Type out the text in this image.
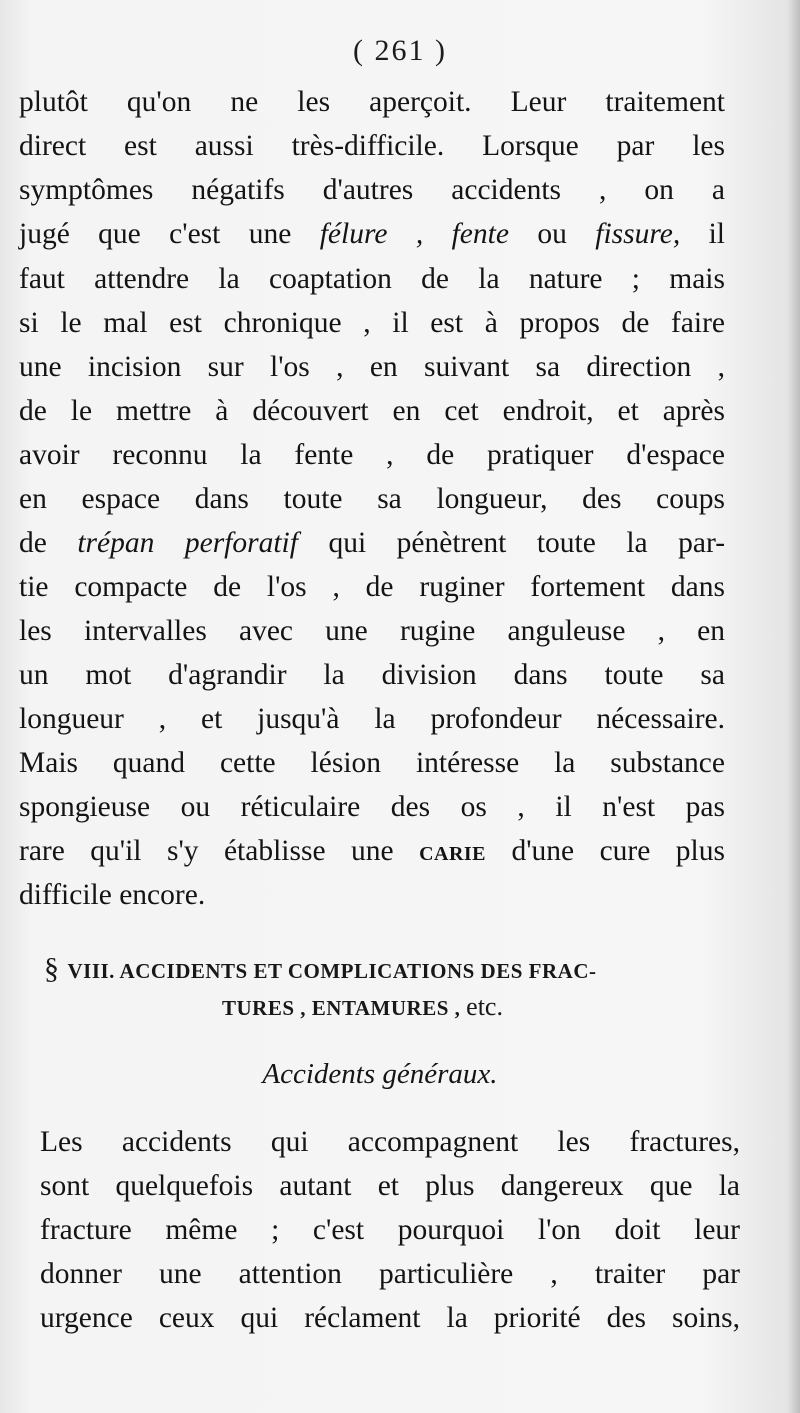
( 261 )
plutôt qu'on ne les aperçoit. Leur traitement
direct est aussi très-difficile. Lorsque par les
symptômes négatifs d'autres accidents , on a
jugé que c'est une félure , fente ou fissure, il
faut attendre la coaptation de la nature ; mais
si le mal est chronique , il est à propos de faire
une incision sur l'os , en suivant sa direction ,
de le mettre à découvert en cet endroit, et après
avoir reconnu la fente , de pratiquer d'espace
en espace dans toute sa longueur, des coups
de trépan perforatif qui pénètrent toute la par-
tie compacte de l'os , de ruginer fortement dans
les intervalles avec une rugine anguleuse , en
un mot d'agrandir la division dans toute sa
longueur , et jusqu'à la profondeur nécessaire.
Mais quand cette lésion intéresse la substance
spongieuse ou réticulaire des os , il n'est pas
rare qu'il s'y établisse une CARIE d'une cure plus
difficile encore.
§ VIII. ACCIDENTS ET COMPLICATIONS DES FRAC-
TURES , ENTAMURES , etc.
Accidents généraux.
Les accidents qui accompagnent les fractures,
sont quelquefois autant et plus dangereux que la
fracture même ; c'est pourquoi l'on doit leur
donner une attention particulière , traiter par
urgence ceux qui réclament la priorité des soins,
